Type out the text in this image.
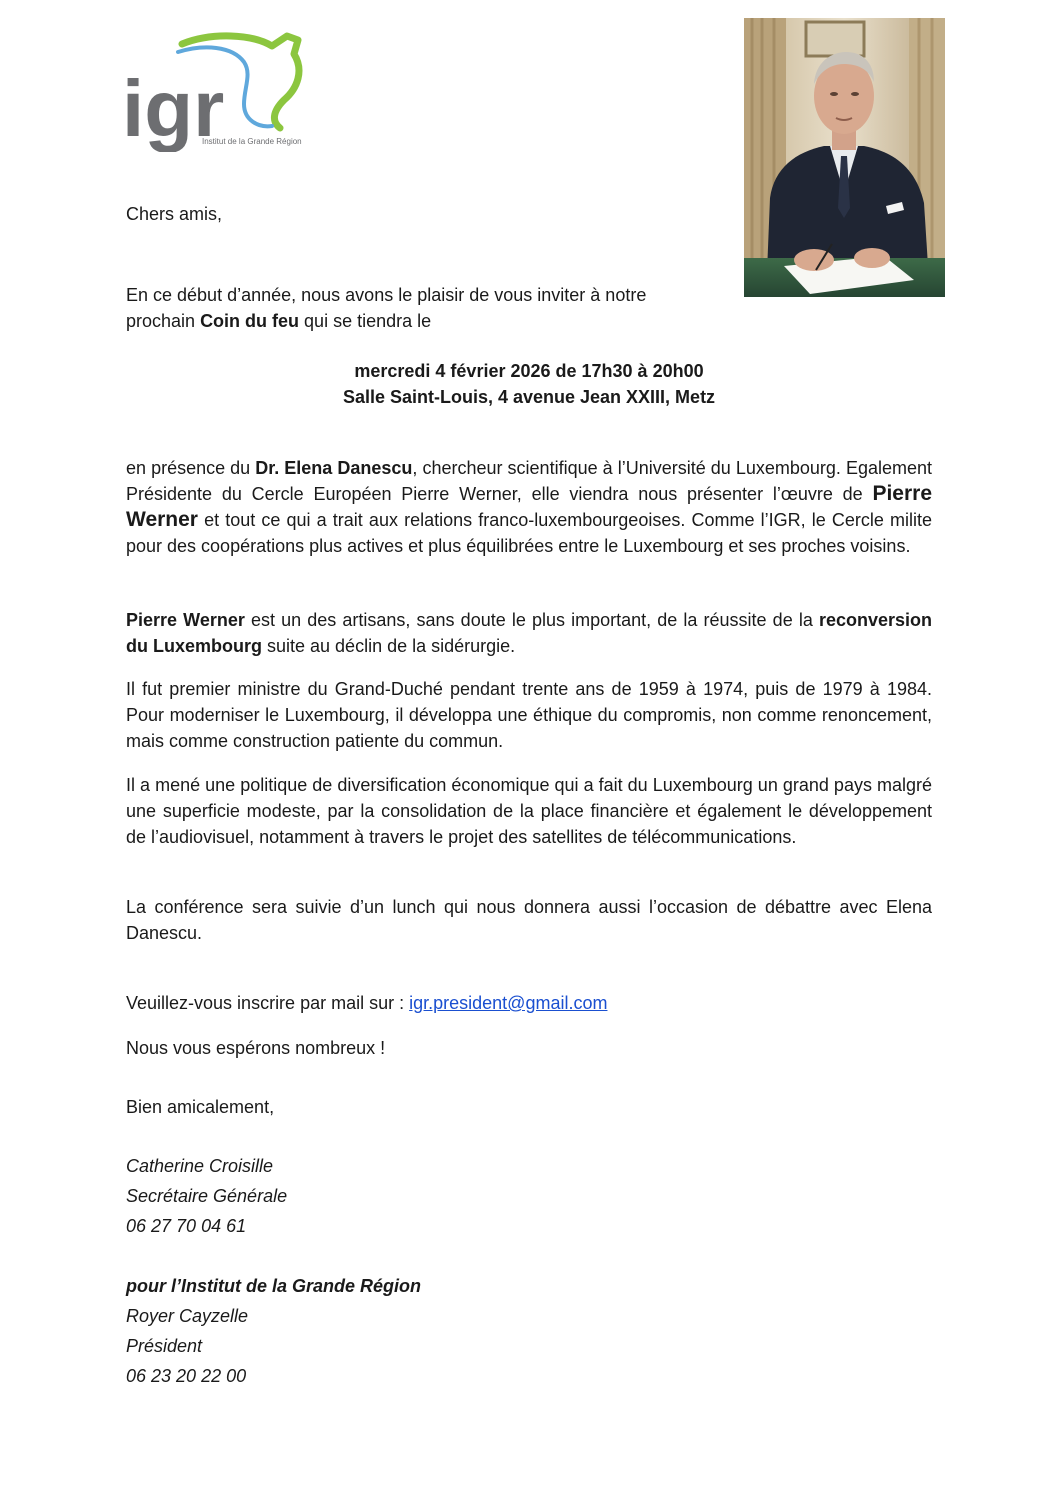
igr
Institut de la Grande Région
Chers amis,

En ce début d’année, nous avons le plaisir de vous inviter à notre

prochain Coin du feu qui se tiendra le

mercredi 4 février 2026 de 17h30 à 20h00

Salle Saint-Louis, 4 avenue Jean XXIII, Metz

en présence du Dr. Elena Danescu, chercheur scientifique à l’Université du Luxembourg. Egalement Présidente du Cercle Européen Pierre Werner, elle viendra nous présenter l’œuvre de Pierre Werner et tout ce qui a trait aux relations franco-luxembourgeoises. Comme l’IGR, le Cercle milite pour des coopérations plus actives et plus équilibrées entre le Luxembourg et ses proches voisins.
Pierre Werner est un des artisans, sans doute le plus important, de la réussite de la reconversion du Luxembourg suite au déclin de la sidérurgie.
Il fut premier ministre du Grand-Duché pendant trente ans de 1959 à 1974, puis de 1979 à 1984. Pour moderniser le Luxembourg, il développa une éthique du compromis, non comme renoncement, mais comme construction patiente du commun.
Il a mené une politique de diversification économique qui a fait du Luxembourg un grand pays malgré une superficie modeste, par la consolidation de la place financière et également le développement de l’audiovisuel, notamment à travers le projet des satellites de télécommunications.
La conférence sera suivie d’un lunch qui nous donnera aussi l’occasion de débattre avec Elena Danescu.
Veuillez-vous inscrire par mail sur : igr.president@gmail.com
Nous vous espérons nombreux !
Bien amicalement,
Catherine Croisille
Secrétaire Générale
06 27 70 04 61
pour l’Institut de la Grande Région
Royer Cayzelle
Président
06 23 20 22 00
